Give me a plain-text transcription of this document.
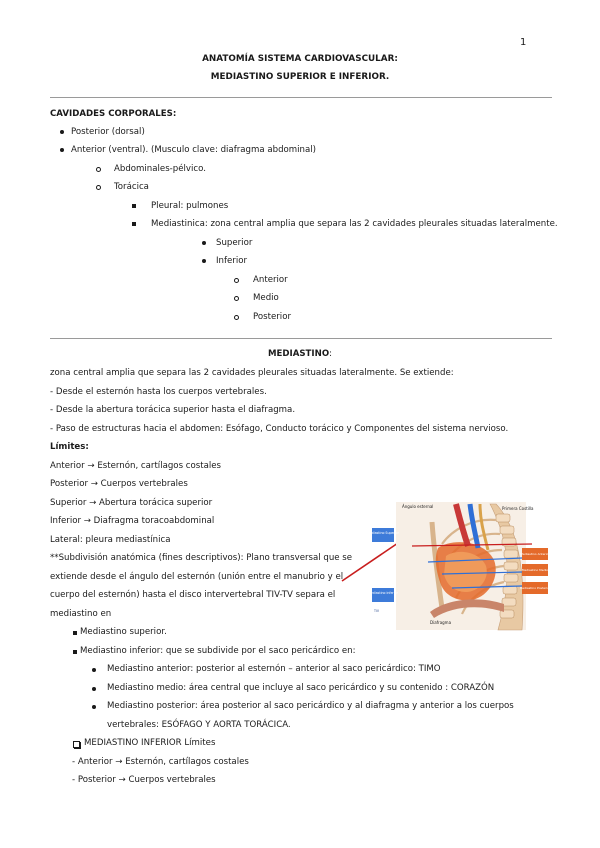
1
ANATOMÍA SISTEMA CARDIOVASCULAR:
MEDIASTINO SUPERIOR E INFERIOR.
CAVIDADES CORPORALES:
Posterior (dorsal)
Anterior (ventral). (Musculo clave: diafragma abdominal)
Abdominales-pélvico.
Torácica
Pleural: pulmones
Mediastinica: zona central amplia que separa las 2 cavidades pleurales situadas lateralmente.
Superior
Inferior
Anterior
Medio
Posterior
MEDIASTINO:
zona central amplia que separa las 2 cavidades pleurales situadas lateralmente. Se extiende:
- Desde el esternón hasta los cuerpos vertebrales.
- Desde la abertura torácica superior hasta el diafragma.
- Paso de estructuras hacia el abdomen: Esófago, Conducto torácico y Componentes del sistema nervioso.
Límites:
Anterior → Esternón, cartílagos costales
Posterior → Cuerpos vertebrales
Superior → Abertura torácica superior
Inferior → Diafragma toracoabdominal
Lateral: pleura mediastínica
**Subdivisión anatómica (fines descriptivos): Plano transversal que se
extiende desde el ángulo del esternón (unión entre el manubrio y el
cuerpo del esternón) hasta el disco intervertebral TIV-TV separa el
mediastino en
Mediastino superior.
Mediastino inferior: que se subdivide por el saco pericárdico en:
Mediastino anterior: posterior al esternón – anterior al saco pericárdico: TIMO
Mediastino medio: área central que incluye al saco pericárdico y su contenido : CORAZÓN
Mediastino posterior: área posterior al saco pericárdico y al diafragma y anterior a los cuerpos
vertebrales: ESÓFAGO Y AORTA TORÁCICA.
MEDIASTINO INFERIOR Límites
- Anterior → Esternón, cartílagos costales
- Posterior → Cuerpos vertebrales
Mediastino Superior
Mediastino inferior
TIV
Ángulo esternal	Primera Costilla
Diafragma
Mediastino Anterior
Mediastino Medio
Mediastino Posterior
